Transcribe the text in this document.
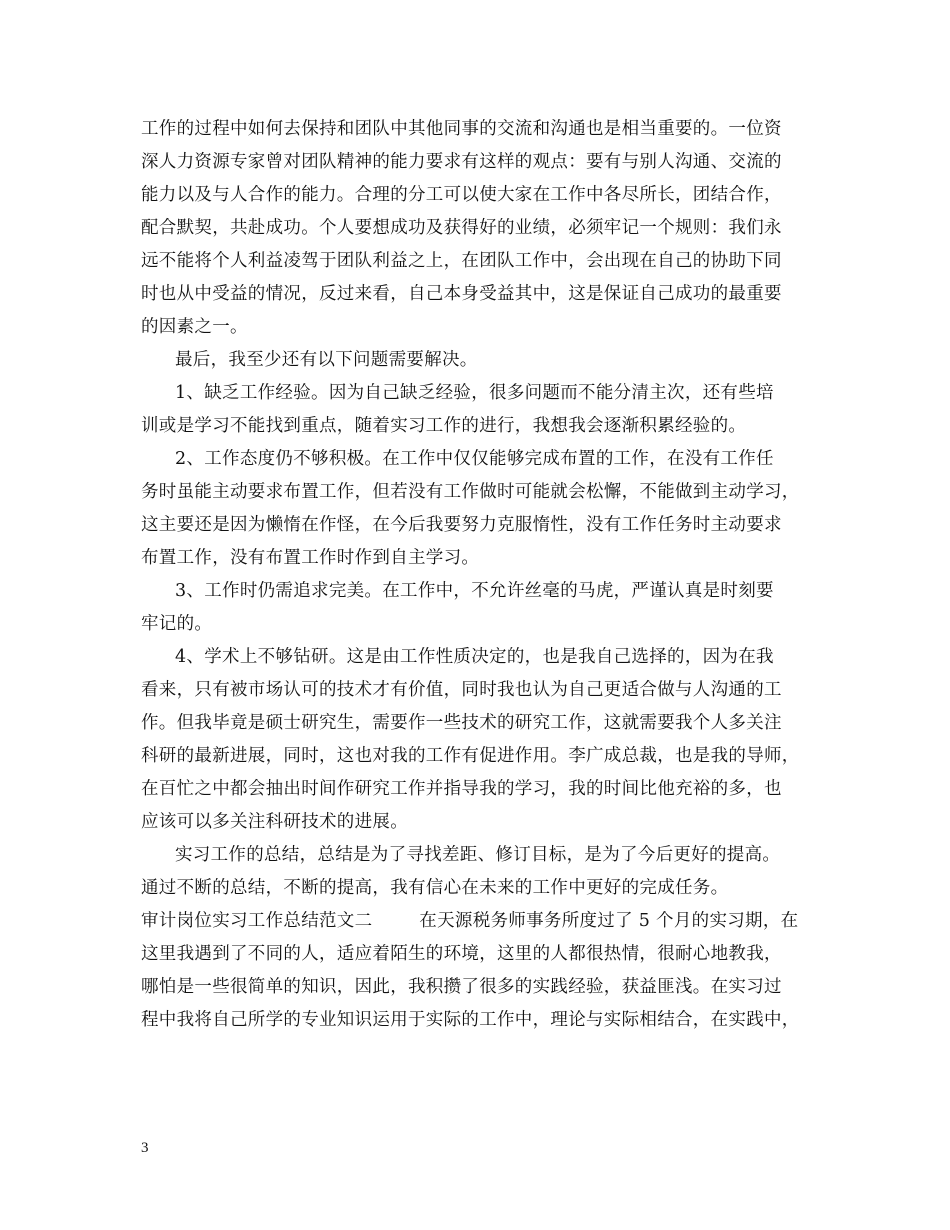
工作的过程中如何去保持和团队中其他同事的交流和沟通也是相当重要的。一位资
深人力资源专家曾对团队精神的能力要求有这样的观点：要有与别人沟通、交流的
能力以及与人合作的能力。合理的分工可以使大家在工作中各尽所长，团结合作，
配合默契，共赴成功。个人要想成功及获得好的业绩，必须牢记一个规则：我们永
远不能将个人利益凌驾于团队利益之上，在团队工作中，会出现在自己的协助下同
时也从中受益的情况，反过来看，自己本身受益其中，这是保证自己成功的最重要
的因素之一。
最后，我至少还有以下问题需要解决。
1、缺乏工作经验。因为自己缺乏经验，很多问题而不能分清主次，还有些培
训或是学习不能找到重点，随着实习工作的进行，我想我会逐渐积累经验的。
2、工作态度仍不够积极。在工作中仅仅能够完成布置的工作，在没有工作任
务时虽能主动要求布置工作，但若没有工作做时可能就会松懈，不能做到主动学习，
这主要还是因为懒惰在作怪，在今后我要努力克服惰性，没有工作任务时主动要求
布置工作，没有布置工作时作到自主学习。
3、工作时仍需追求完美。在工作中，不允许丝毫的马虎，严谨认真是时刻要
牢记的。
4、学术上不够钻研。这是由工作性质决定的，也是我自己选择的，因为在我
看来，只有被市场认可的技术才有价值，同时我也认为自己更适合做与人沟通的工
作。但我毕竟是硕士研究生，需要作一些技术的研究工作，这就需要我个人多关注
科研的最新进展，同时，这也对我的工作有促进作用。李广成总裁，也是我的导师，
在百忙之中都会抽出时间作研究工作并指导我的学习，我的时间比他充裕的多，也
应该可以多关注科研技术的进展。
实习工作的总结，总结是为了寻找差距、修订目标，是为了今后更好的提高。
通过不断的总结，不断的提高，我有信心在未来的工作中更好的完成任务。
审计岗位实习工作总结范文二        在天源税务师事务所度过了 5 个月的实习期，在
这里我遇到了不同的人，适应着陌生的环境，这里的人都很热情，很耐心地教我，
哪怕是一些很简单的知识，因此，我积攒了很多的实践经验，获益匪浅。在实习过
程中我将自己所学的专业知识运用于实际的工作中，理论与实际相结合，在实践中，
3
